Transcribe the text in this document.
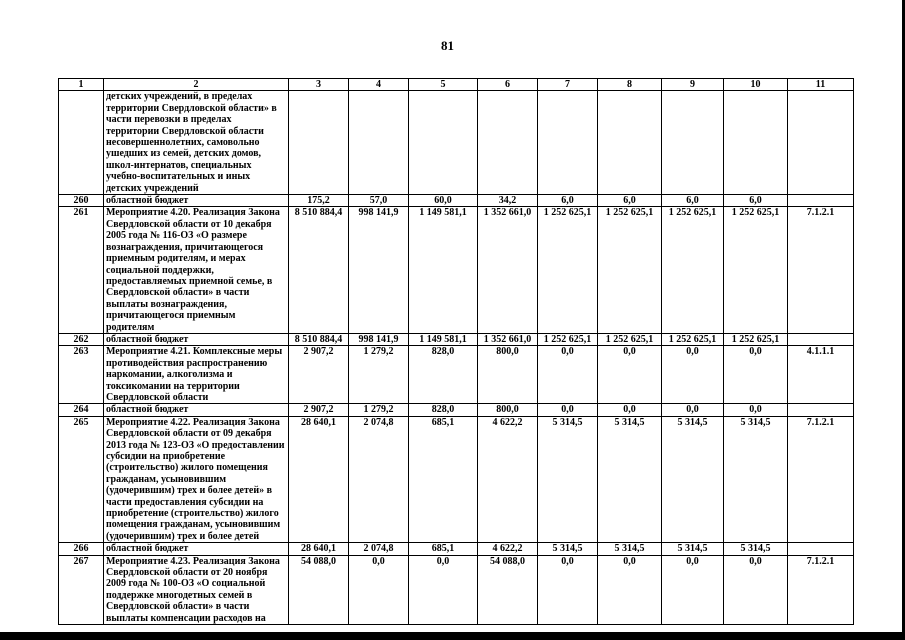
81
1	2	3	4	5	6	7	8	9	10	11
	детских учреждений, в пределах территории Свердловской области» в части перевозки в пределах территории Свердловской области несовершеннолетних, самовольно ушедших из семей, детских домов, школ-интернатов, специальных учебно-воспитательных и иных детских учреждений									
260	областной бюджет	175,2	57,0	60,0	34,2	6,0	6,0	6,0	6,0	
261	Мероприятие 4.20. Реализация Закона Свердловской области от 10 декабря 2005 года № 116-ОЗ «О размере вознаграждения, причитающегося приемным родителям, и мерах социальной поддержки, предоставляемых приемной семье, в Свердловской области» в части выплаты вознаграждения, причитающегося приемным родителям	8 510 884,4	998 141,9	1 149 581,1	1 352 661,0	1 252 625,1	1 252 625,1	1 252 625,1	1 252 625,1	7.1.2.1
262	областной бюджет	8 510 884,4	998 141,9	1 149 581,1	1 352 661,0	1 252 625,1	1 252 625,1	1 252 625,1	1 252 625,1	
263	Мероприятие 4.21. Комплексные меры противодействия распространению наркомании, алкоголизма и токсикомании на территории Свердловской области	2 907,2	1 279,2	828,0	800,0	0,0	0,0	0,0	0,0	4.1.1.1
264	областной бюджет	2 907,2	1 279,2	828,0	800,0	0,0	0,0	0,0	0,0	
265	Мероприятие 4.22. Реализация Закона Свердловской области от 09 декабря 2013 года № 123-ОЗ «О предоставлении субсидии на приобретение (строительство) жилого помещения гражданам, усыновившим (удочерившим) трех и более детей» в части предоставления субсидии на приобретение (строительство) жилого помещения гражданам, усыновившим (удочерившим) трех и более детей	28 640,1	2 074,8	685,1	4 622,2	5 314,5	5 314,5	5 314,5	5 314,5	7.1.2.1
266	областной бюджет	28 640,1	2 074,8	685,1	4 622,2	5 314,5	5 314,5	5 314,5	5 314,5	
267	Мероприятие 4.23. Реализация Закона Свердловской области от 20 ноября 2009 года № 100-ОЗ «О социальной поддержке многодетных семей в Свердловской области» в части выплаты компенсации расходов на	54 088,0	0,0	0,0	54 088,0	0,0	0,0	0,0	0,0	7.1.2.1
